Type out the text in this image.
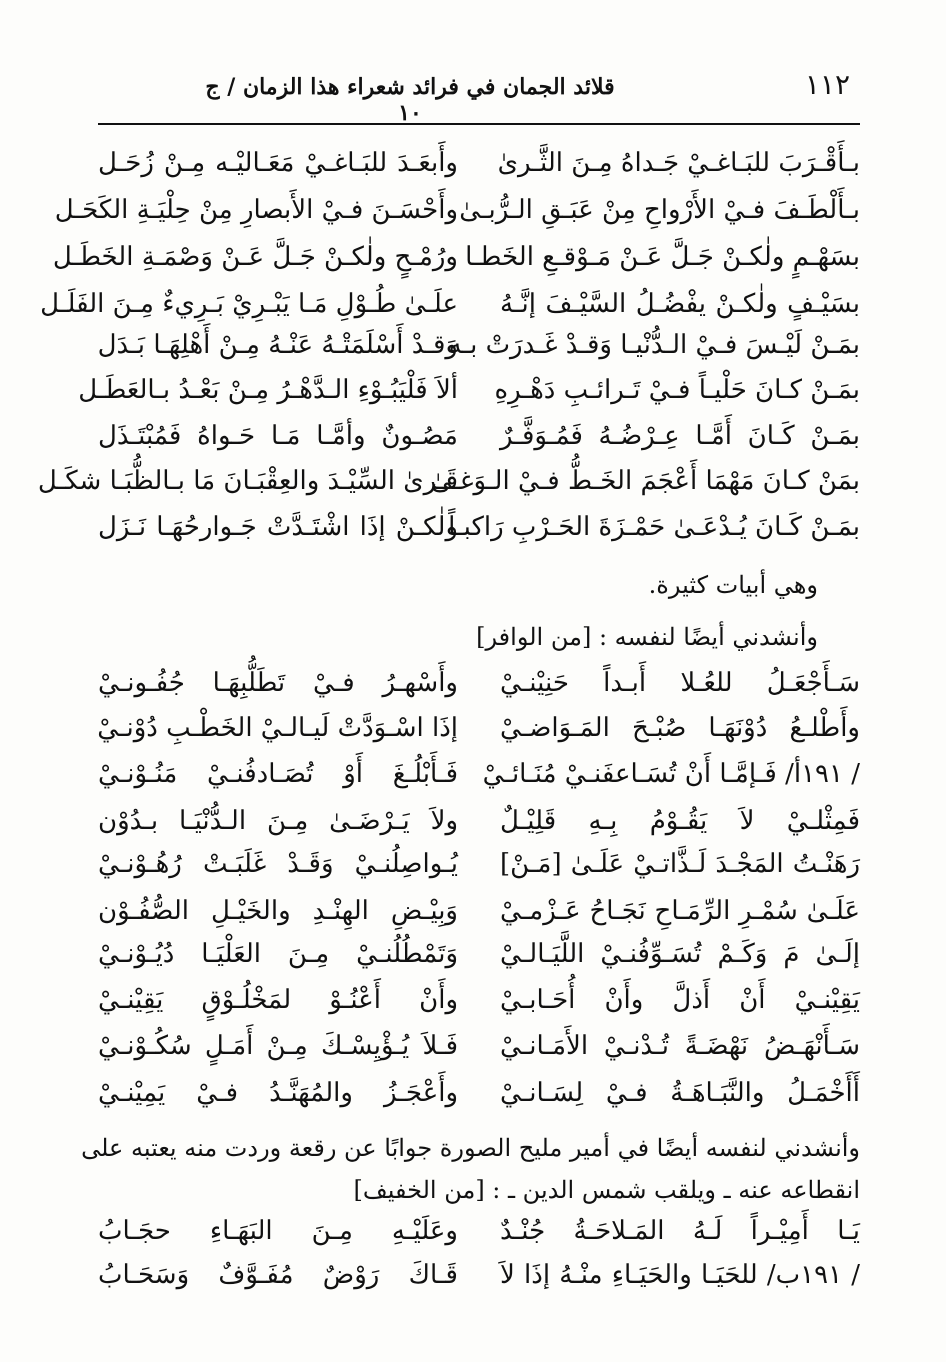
١١٢
قلائد الجمان في فرائد شعراء هذا الزمان / ج ١٠
بـأَقْـرَبَ للبَـاغـيْ جَـداهُ مِـنَ الثَّـرىٰ
وأَبعَـدَ للبَـاغـيْ مَعَـاليْـه مِـنْ زُحَـل
بـأَلْطَـفَ فـيْ الأَرْواحِ مِنْ عَبَـقِ الـرُّبـىٰ
وأَحْسَـنَ فـيْ الأَبصارِ مِنْ حِلْيَـةِ الكَحَـل
بسَهْـمٍ ولٰكـنْ جَـلَّ عَـنْ مَـوْقـعِ الخَطـا
ورُمْـحٍ ولٰكـنْ جَـلَّ عَـنْ وَصْمَـةِ الخَطَـل
بسَيْـفٍ ولٰكـنْ يفْضُـلُ السَّيْـفَ إنَّـهُ
علَـىٰ طُـوْلِ مَـا يَبْـرِيْ بَـرِيءٌ مِـنَ الفَلَـل
بمَـنْ لَيْـسَ فـيْ الـدُّنْيـا وَقـدْ غَـدرَتْ بـه
وَقـدْ أَسْلَمَتْـهُ عَنْـهُ مِـنْ أَهْلِهَـا بَـدَل
بمَـنْ كـانَ حَلْيـاً فـيْ تَـرائـبِ دَهْـرِهِ
ألاَ فَلْيَبُـوْءِ الـدَّهْـرُ مِـنْ بَعْـدُ بـالعَطَـل
بمَـنْ كَـانَ أَمَّـا عِـرْضُـهُ فَمُـوَفَّـرٌ
مَصُـونٌ وأمَّـا مَـا حَـواهُ فَمُبْتَـذَل
بمَنْ كـانَ مَهْمَا أَعْجَمَ الخَـطُّ فـيْ الـوَغـىٰ
قَـرىٰ السِّيْـدَ والعِقْبَـانَ مَا بـالظُّبَـا شكَـل
بمَـنْ كَـانَ يُـدْعَـىٰ حَمْـزَةَ الحَـرْبِ رَاكبـاً
ولٰكـنْ إذَا اشْتَـدَّتْ جَـوارحُهَـا نَـزَل
وهي أبيات كثيرة.
وأنشدني أيضًا لنفسه : [من الوافر]
سَـأَجْعَـلُ للعُـلا أَبـداً حَنِيْنـيْ
وأَسْهـرُ فـيْ تَطَلُّبِهَـا جُفُـونـيْ
وأَطْلـعُ دُوْنَهَـا صُبْـحَ المَـوَاضـيْ
إذَا اسْـوَدَّتْ لَيـالـيْ الخَطْـبِ دُوْنـيْ
/ ١٩١أ/ فَـإمَّـا أَنْ تُسَـاعفَنـيْ مُنَـائـيْ
فَـأَبْلُـغَ أَوْ تُصَـادفُنـيْ مَنُـوْنـيْ
فَمِثْلـيْ لاَ يَقُـوْمُ بِـهِ قَلِيْـلٌ
ولاَ يَـرْضَـىٰ مِـنَ الـدُّنْيَـا بـدُوْن
رَهَنْـتُ المَجْـدَ لَـذَّاتـيْ عَلَـىٰ [مَـنْ]
يُـواصِلُنـيْ وَقَـدْ غَلَبَـتْ رُهُـوْنـيْ
عَلَـىٰ سُمْـرِ الرِّمَـاحِ نَجَـاحُ عَـزْمـيْ
وَبِيْـضِ الهِنْـدِ والخَيْـلِ الصُّفُـوْن
إلَـىٰ مَ وَكَـمْ تُسَـوِّفُنـيْ اللَّيَـالـيْ
وَتَمْطُلُنـيْ مِـنَ العَلْيَـا دُيُـوْنـيْ
يَقِيْنـيْ أَنْ أَذلَّ وأَنْ أُحَـابـيْ
وأَنْ أَعْنُـوْ لمَخْلُـوْقٍ يَقِيْنـيْ
سَـأَنْهَـضُ نَهْضَـةً تُـدْنـيْ الأَمَـانـيْ
فَـلاَ يُـؤْيِسْـكَ مِـنْ أَمَـلٍ سُكُـوْنـيْ
أَأَخْمَـلُ والنَّبَـاهَـةُ فـيْ لِسَـانـيْ
وأَعْجَـزُ والمُهَنَّـدُ فـيْ يَمِيْنـيْ
وأنشدني لنفسه أيضًا في أمير مليح الصورة جوابًا عن رقعة وردت منه يعتبه على
انقطاعه عنه ـ ويلقب شمس الدين ـ : [من الخفيف]
يَـا أَمِيْـراً لَـهُ المَـلاحَـةُ جُنْـدٌ
وعَلَيْـهِ مِـنَ البَهَـاءِ حجَـابُ
/ ١٩١ب/ للحَيَـا والحَيَـاءِ منْـهُ إذَا لاَ
قَـاكَ رَوْضٌ مُفَـوَّفٌ وَسَحَـابُ
